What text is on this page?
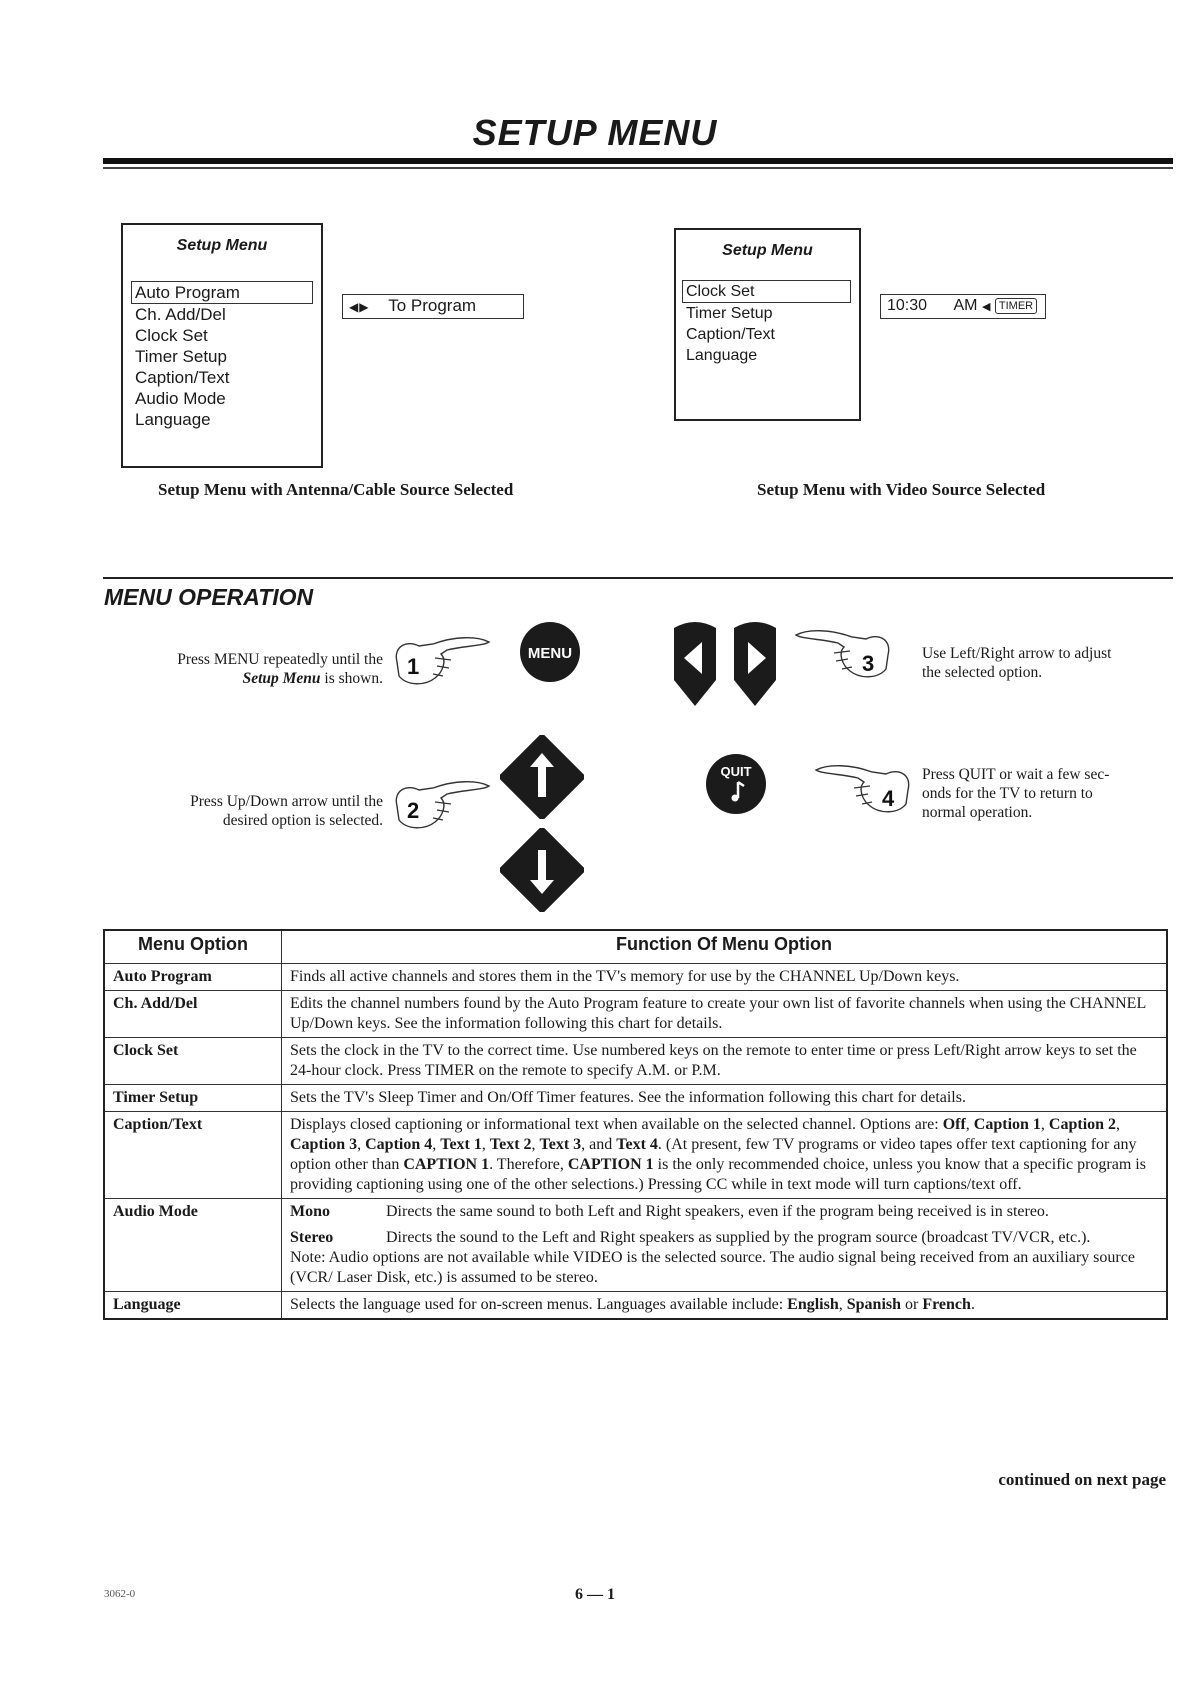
SETUP MENU
Setup Menu
Auto Program
Ch. Add/Del
Clock Set
Timer Setup
Caption/Text
Audio Mode
Language
◀▶ To Program
Setup Menu with Antenna/Cable Source Selected
Setup Menu
Clock Set
Timer Setup
Caption/Text
Language
10:30 AM ◀ TIMER
Setup Menu with Video Source Selected
MENU OPERATION
Press MENU repeatedly until the
Setup Menu is shown. 1
MENU	3	Use Left/Right arrow to adjust
the selected option.
Press Up/Down arrow until the
desired option is selected. 2
QUIT
4
Press QUIT or wait a few sec-
onds for the TV to return to
normal operation.
Menu Option	Function Of Menu Option
Auto Program	Finds all active channels and stores them in the TV's memory for use by the CHANNEL Up/Down keys.
Ch. Add/Del	Edits the channel numbers found by the Auto Program feature to create your own list of favorite channels when using the CHANNEL Up/Down keys. See the information following this chart for details.
Clock Set	Sets the clock in the TV to the correct time. Use numbered keys on the remote to enter time or press Left/Right arrow keys to set the 24-hour clock. Press TIMER on the remote to specify A.M. or P.M.
Timer Setup	Sets the TV's Sleep Timer and On/Off Timer features. See the information following this chart for details.
Caption/Text	Displays closed captioning or informational text when available on the selected channel. Options are: Off, Caption 1, Caption 2, Caption 3, Caption 4, Text 1, Text 2, Text 3, and Text 4. (At present, few TV programs or video tapes offer text captioning for any option other than CAPTION 1. Therefore, CAPTION 1 is the only recommended choice, unless you know that a specific program is providing captioning using one of the other selections.) Pressing CC while in text mode will turn captions/text off.
Audio Mode	Mono Directs the same sound to both Left and Right speakers, even if the program being received is in stereo.
Stereo Directs the sound to the Left and Right speakers as supplied by the program source (broadcast TV/VCR, etc.).
Note: Audio options are not available while VIDEO is the selected source. The audio signal being received from an auxiliary source (VCR/ Laser Disk, etc.) is assumed to be stereo.

Language	Selects the language used for on-screen menus. Languages available include: English, Spanish or French.
continued on next page
6 — 1
3062-0
